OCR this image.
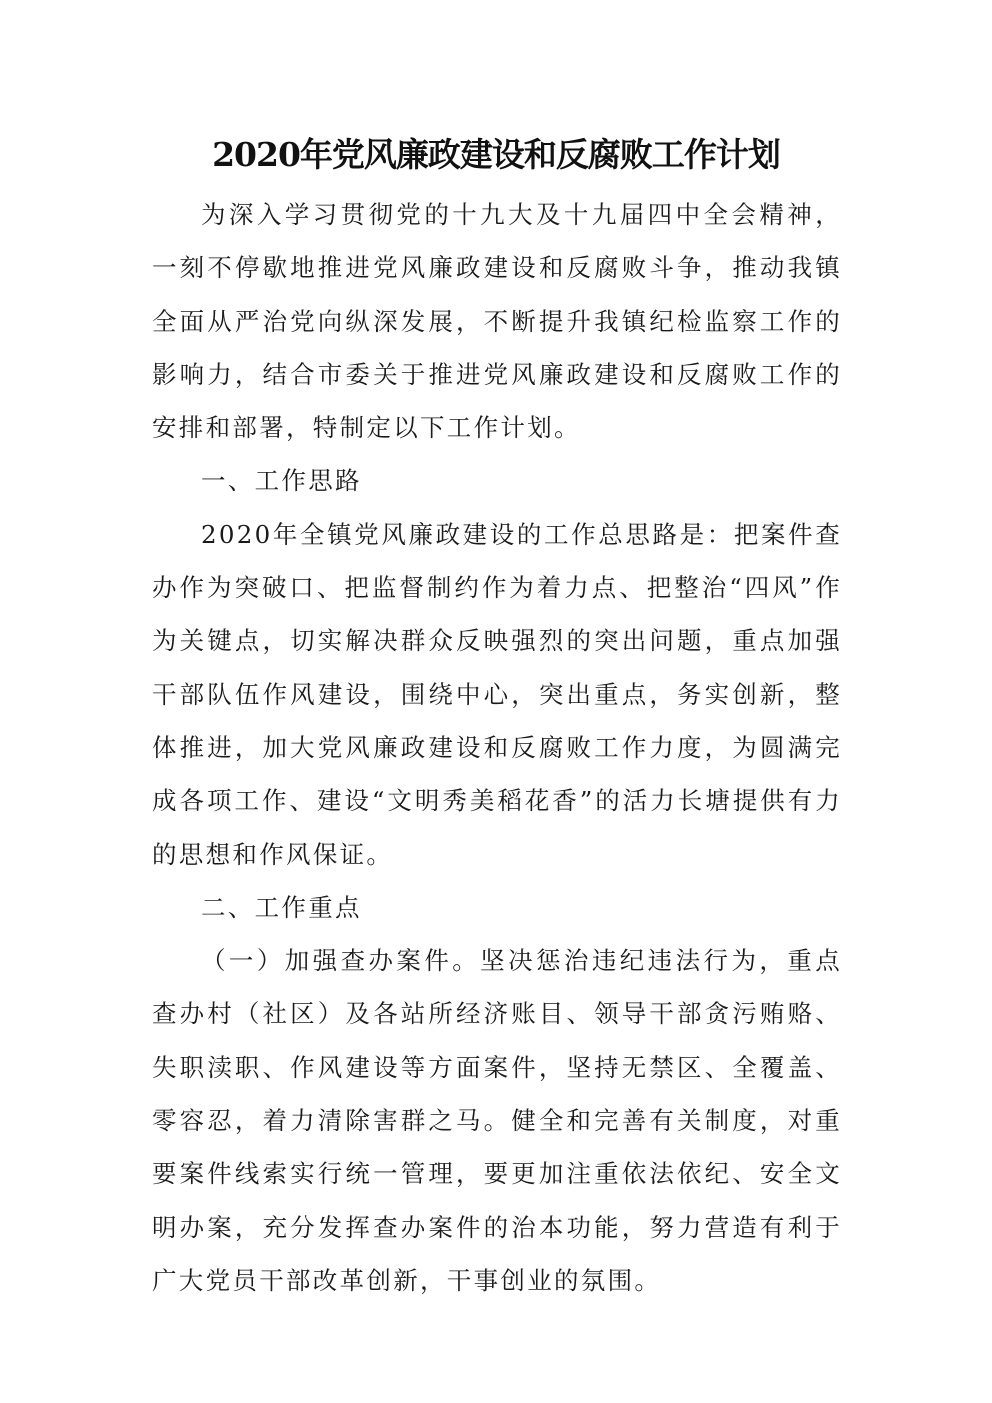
2020年党风廉政建设和反腐败工作计划

为深入学习贯彻党的十九大及十九届四中全会精神，一刻不停歇地推进党风廉政建设和反腐败斗争，推动我镇全面从严治党向纵深发展，不断提升我镇纪检监察工作的影响力，结合市委关于推进党风廉政建设和反腐败工作的安排和部署，特制定以下工作计划。

一、工作思路

2020年全镇党风廉政建设的工作总思路是：把案件查办作为突破口、把监督制约作为着力点、把整治“四风”作为关键点，切实解决群众反映强烈的突出问题，重点加强干部队伍作风建设，围绕中心，突出重点，务实创新，整体推进，加大党风廉政建设和反腐败工作力度，为圆满完成各项工作、建设“文明秀美稻花香”的活力长塘提供有力的思想和作风保证。

二、工作重点

（一）加强查办案件。坚决惩治违纪违法行为，重点查办村（社区）及各站所经济账目、领导干部贪污贿赂、失职渎职、作风建设等方面案件，坚持无禁区、全覆盖、零容忍，着力清除害群之马。健全和完善有关制度，对重要案件线索实行统一管理，要更加注重依法依纪、安全文明办案，充分发挥查办案件的治本功能，努力营造有利于广大党员干部改革创新，干事创业的氛围。
